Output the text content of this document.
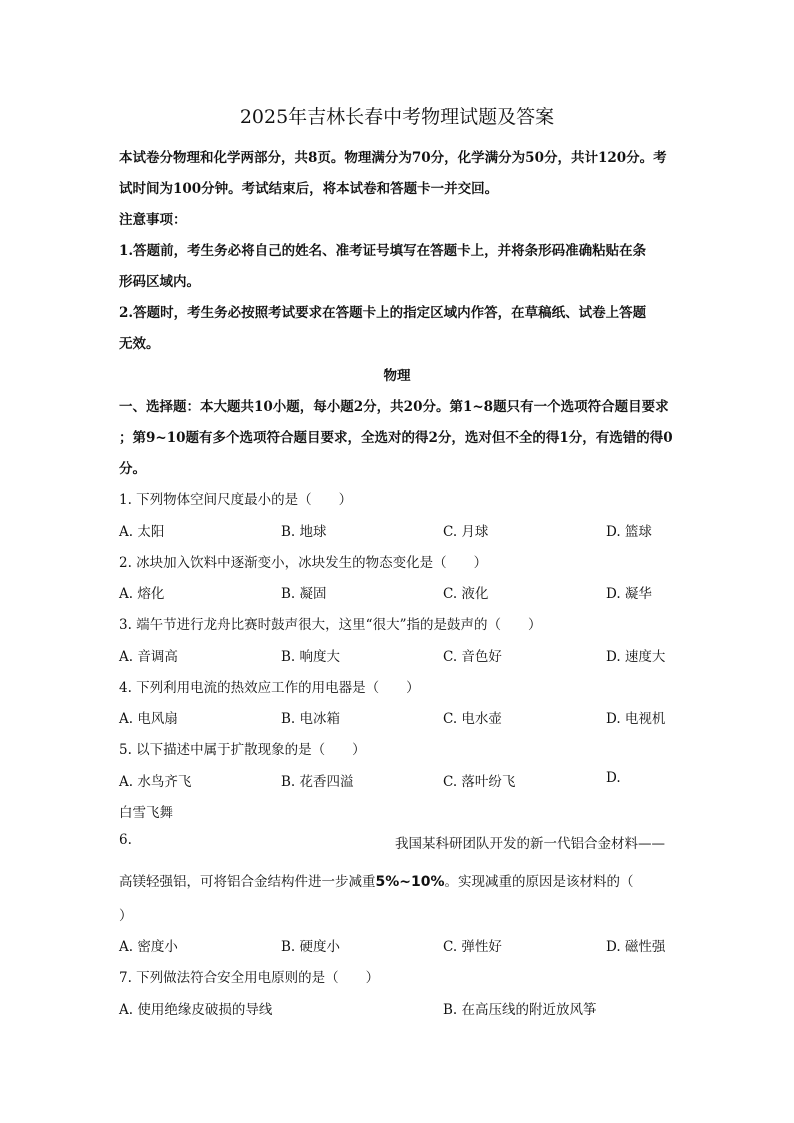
2025年吉林长春中考物理试题及答案
本试卷分物理和化学两部分，共8页。物理满分为70分，化学满分为50分，共计120分。考
试时间为100分钟。考试结束后，将本试卷和答题卡一并交回。
注意事项：
1.答题前，考生务必将自己的姓名、准考证号填写在答题卡上，并将条形码准确粘贴在条
形码区域内。
2.答题时，考生务必按照考试要求在答题卡上的指定区域内作答，在草稿纸、试卷上答题
无效。
物理
一、选择题：本大题共10小题，每小题2分，共20分。第1~8题只有一个选项符合题目要求
；第9~10题有多个选项符合题目要求，全选对的得2分，选对但不全的得1分，有选错的得0
分。
1. 下列物体空间尺度最小的是（　　）
A. 太阳	B. 地球	C. 月球	D. 篮球
2. 冰块加入饮料中逐渐变小，冰块发生的物态变化是（　　）
A. 熔化	B. 凝固	C. 液化	D. 凝华
3. 端午节进行龙舟比赛时鼓声很大，这里“很大”指的是鼓声的（　　）
A. 音调高	B. 响度大	C. 音色好	D. 速度大
4. 下列利用电流的热效应工作的用电器是（　　）
A. 电风扇	B. 电冰箱	C. 电水壶	D. 电视机
5. 以下描述中属于扩散现象的是（　　）
A. 水鸟齐飞	B. 花香四溢	C. 落叶纷飞	D.
白雪飞舞
6.	我国某科研团队开发的新一代铝合金材料——
高镁轻强铝，可将铝合金结构件进一步减重5%~10%。实现减重的原因是该材料的（
）
A. 密度小	B. 硬度小	C. 弹性好	D. 磁性强
7. 下列做法符合安全用电原则的是（　　）
A. 使用绝缘皮破损的导线	B. 在高压线的附近放风筝
